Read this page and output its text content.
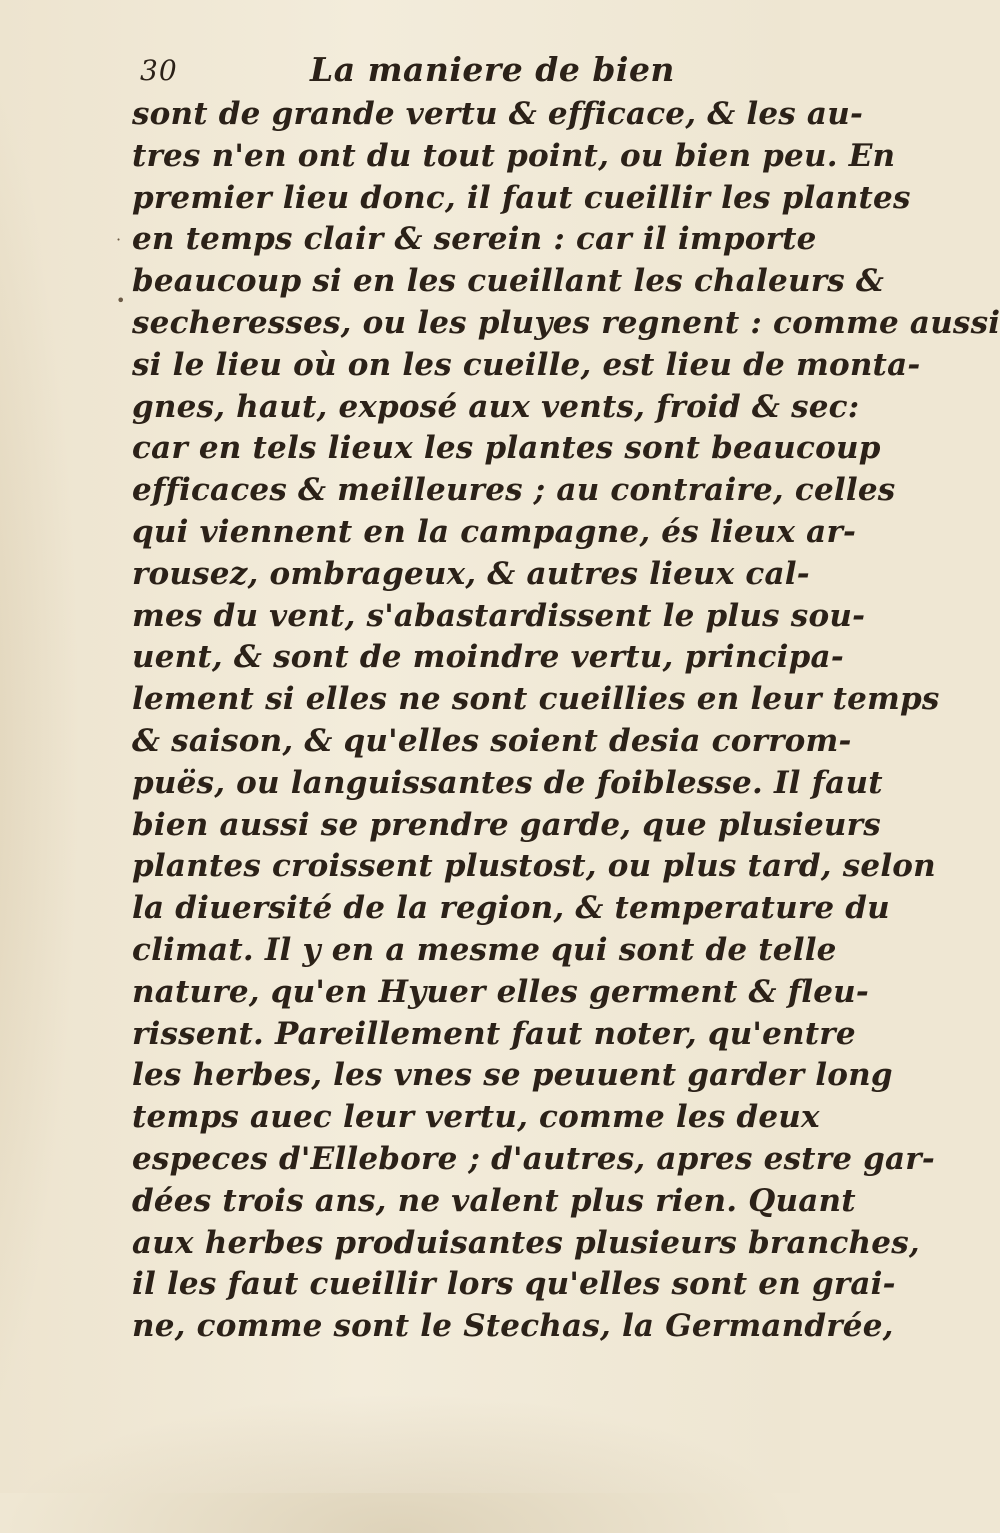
30	La maniere de bien
•
·
sont de grande vertu & efficace, & les au-
tres n'en ont du tout point, ou bien peu. En
premier lieu donc, il faut cueillir les plantes
en temps clair & serein : car il importe
beaucoup si en les cueillant les chaleurs &
secheresses, ou les pluyes regnent : comme aussi
si le lieu où on les cueille, est lieu de monta-
gnes, haut, exposé aux vents, froid & sec:
car en tels lieux les plantes sont beaucoup
efficaces & meilleures ; au contraire, celles
qui viennent en la campagne, és lieux ar-
rousez, ombrageux, & autres lieux cal-
mes du vent, s'abastardissent le plus sou-
uent, & sont de moindre vertu, principa-
lement si elles ne sont cueillies en leur temps
& saison, & qu'elles soient desia corrom-
puës, ou languissantes de foiblesse. Il faut
bien aussi se prendre garde, que plusieurs
plantes croissent plustost, ou plus tard, selon
la diuersité de la region, & temperature du
climat. Il y en a mesme qui sont de telle
nature, qu'en Hyuer elles germent & fleu-
rissent. Pareillement faut noter, qu'entre
les herbes, les vnes se peuuent garder long
temps auec leur vertu, comme les deux
especes d'Ellebore ; d'autres, apres estre gar-
dées trois ans, ne valent plus rien. Quant
aux herbes produisantes plusieurs branches,
il les faut cueillir lors qu'elles sont en grai-
ne, comme sont le Stechas, la Germandrée,
